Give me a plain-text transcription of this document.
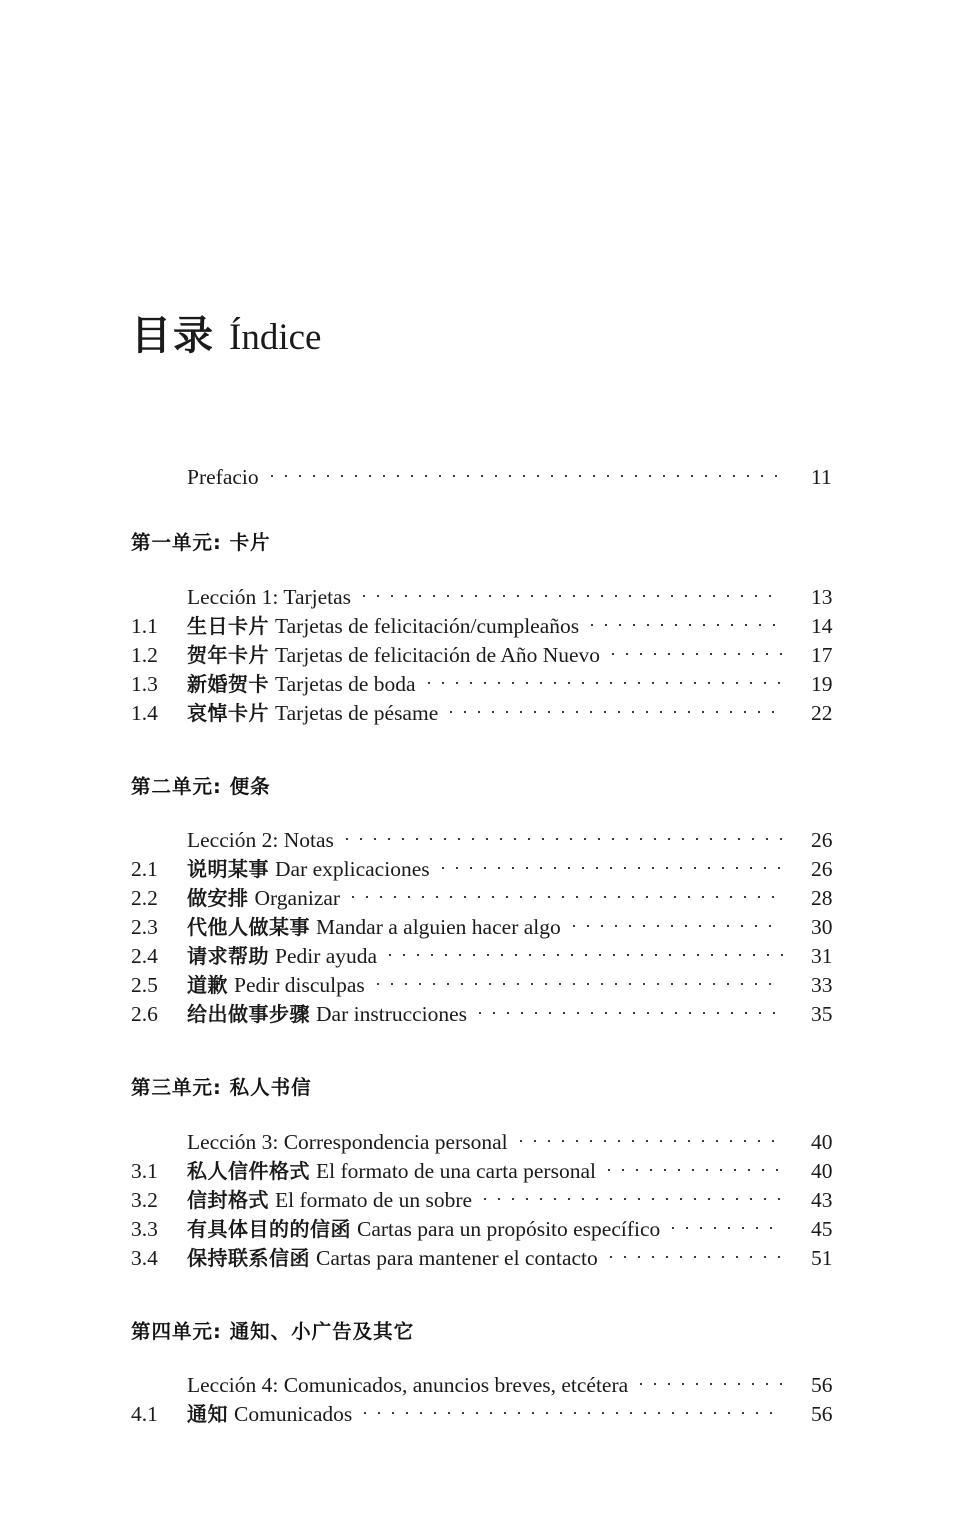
目录 Índice
Prefacio	11
第一单元: 卡片
Lección 1: Tarjetas	13
1.1	生日卡片 Tarjetas de felicitación/cumpleaños	14
1.2	贺年卡片 Tarjetas de felicitación de Año Nuevo	17
1.3	新婚贺卡 Tarjetas de boda	19
1.4	哀悼卡片 Tarjetas de pésame	22
第二单元: 便条
Lección 2: Notas	26
2.1	说明某事 Dar explicaciones	26
2.2	做安排 Organizar	28
2.3	代他人做某事 Mandar a alguien hacer algo	30
2.4	请求帮助 Pedir ayuda	31
2.5	道歉 Pedir disculpas	33
2.6	给出做事步骤 Dar instrucciones	35
第三单元: 私人书信
Lección 3: Correspondencia personal	40
3.1	私人信件格式 El formato de una carta personal	40
3.2	信封格式 El formato de un sobre	43
3.3	有具体目的的信函 Cartas para un propósito específico	45
3.4	保持联系信函 Cartas para mantener el contacto	51
第四单元: 通知、小广告及其它
Lección 4: Comunicados, anuncios breves, etcétera	56
4.1	通知 Comunicados	56
